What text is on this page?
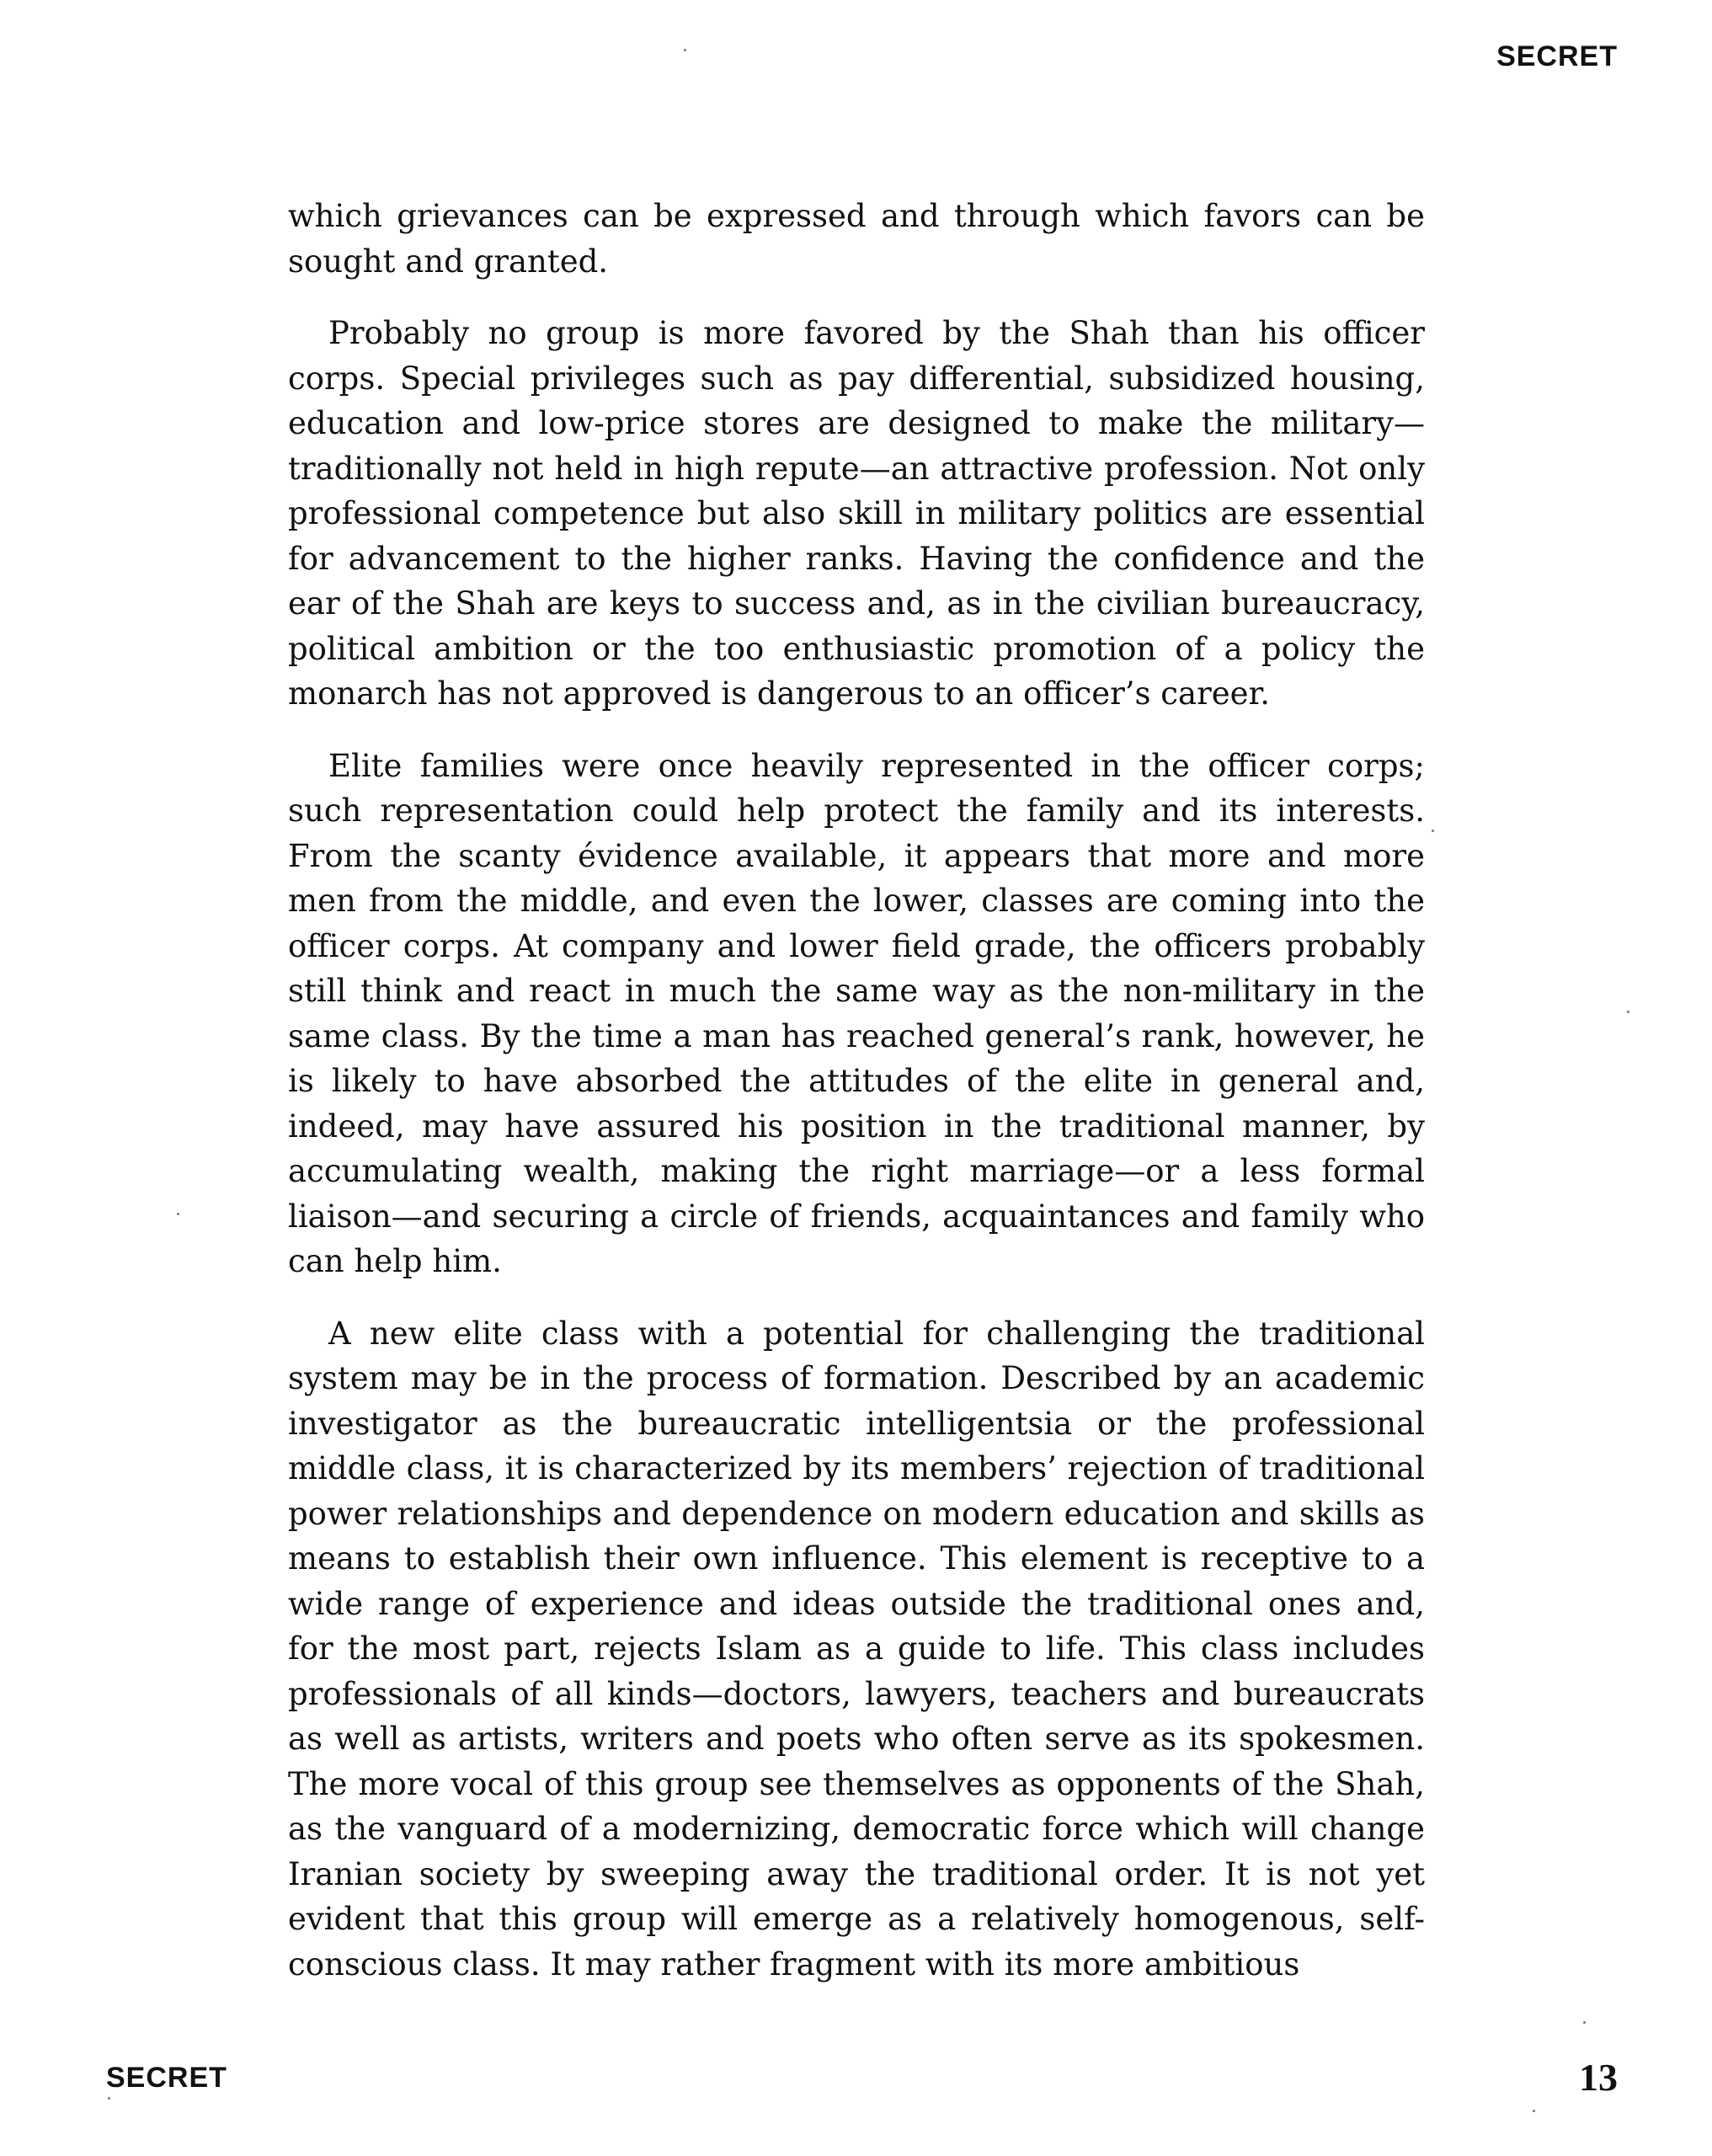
SECRET

which grievances can be expressed and through which favors can be sought and granted.

Probably no group is more favored by the Shah than his officer corps. Special privileges such as pay differential, subsidized housing, education and low-price stores are designed to make the military—traditionally not held in high repute—an attractive profession. Not only professional competence but also skill in military politics are essential for advancement to the higher ranks. Having the confidence and the ear of the Shah are keys to success and, as in the civilian bureaucracy, political ambition or the too enthusiastic promotion of a policy the monarch has not approved is dangerous to an officer’s career.

Elite families were once heavily represented in the officer corps; such representation could help protect the family and its interests. From the scanty évidence available, it appears that more and more men from the middle, and even the lower, classes are coming into the officer corps. At company and lower field grade, the officers probably still think and react in much the same way as the non-military in the same class. By the time a man has reached general’s rank, however, he is likely to have absorbed the attitudes of the elite in general and, indeed, may have assured his position in the traditional manner, by accumulating wealth, making the right marriage—or a less formal liaison—and securing a circle of friends, acquaintances and family who can help him.

A new elite class with a potential for challenging the traditional system may be in the process of formation. Described by an academic investigator as the bureaucratic intelligentsia or the professional middle class, it is characterized by its members’ rejection of traditional power relationships and dependence on modern education and skills as means to establish their own influence. This element is receptive to a wide range of experience and ideas outside the traditional ones and, for the most part, rejects Islam as a guide to life. This class includes professionals of all kinds—doctors, lawyers, teachers and bureaucrats as well as artists, writers and poets who often serve as its spokesmen. The more vocal of this group see themselves as opponents of the Shah, as the vanguard of a modernizing, democratic force which will change Iranian society by sweeping away the traditional order. It is not yet evident that this group will emerge as a relatively homogenous, self-conscious class. It may rather fragment with its more ambitious

SECRET	13
